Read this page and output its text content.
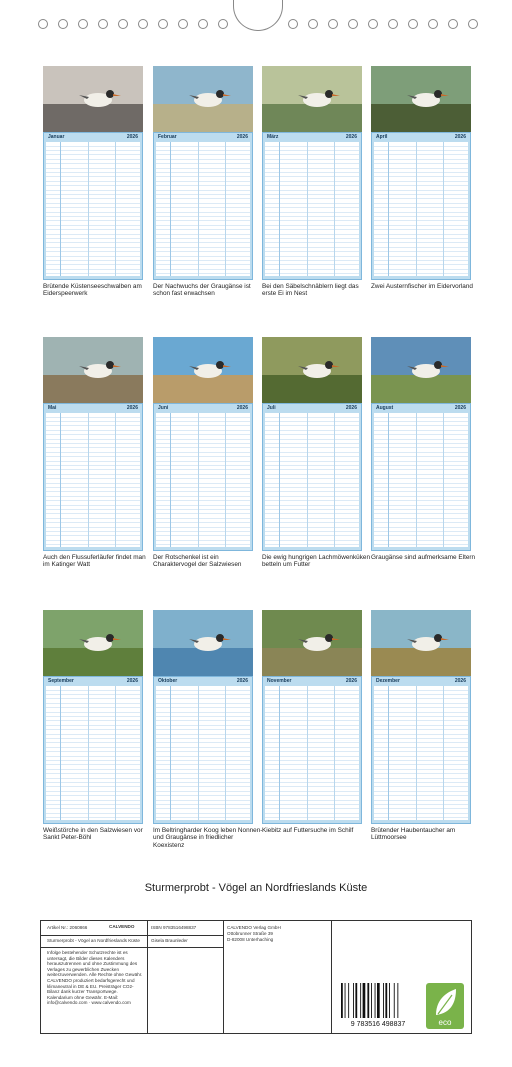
Januar	2026
Brütende Küstenseeschwalben am Eiderspeerwerk
Februar	2026
Der Nachwuchs der Graugänse ist schon fast erwachsen
März	2026
Bei den Säbelschnäblern liegt das erste Ei im Nest
April	2026
Zwei Austernfischer im Eidervorland
Mai	2026
Auch den Flussuferläufer findet man im Katinger Watt
Juni	2026
Der Rotschenkel ist ein Charaktervogel der Salzwiesen
Juli	2026
Die ewig hungrigen Lachmöwenküken betteln um Futter
August	2026
Graugänse sind aufmerksame Eltern
September	2026
Weißstörche in den Salzwiesen vor Sankt Peter-Böhl
Oktober	2026
Im Beltringharder Koog leben Nonnen- und Graugänse in friedlicher Koexistenz
November	2026
Kiebitz auf Futtersuche im Schilf
Dezember	2026
Brütender Haubentaucher am Lüttmoorsee
Sturmerprobt - Vögel an Nordfrieslands Küste
Artikel Nr.: 2060866	CALVENDO
Sturmerprobt - Vögel an Nordfrieslands Küste
Infolge bestehender Schutzrechte ist es untersagt, die Bilder dieses Kalenders herauszutrennen und ohne Zustimmung des Verlages zu gewerblichen Zwecken weiterzuverwenden. Alle Rechte ohne Gewähr. CALVENDO produziert bedarfsgerecht und klimaneutral in DE & EU. Preisträger CO2-Bilanz dank kurzer Transportwege. Kalendarium ohne Gewähr. E-Mail: info@calvendo.com · www.calvendo.com
ISBN 9783516498837
Gisela Braunleder
CALVENDO Verlag GmbH
Ottobrunner Straße 39
D-82008 Unterhaching
9 783516 498837	eco
